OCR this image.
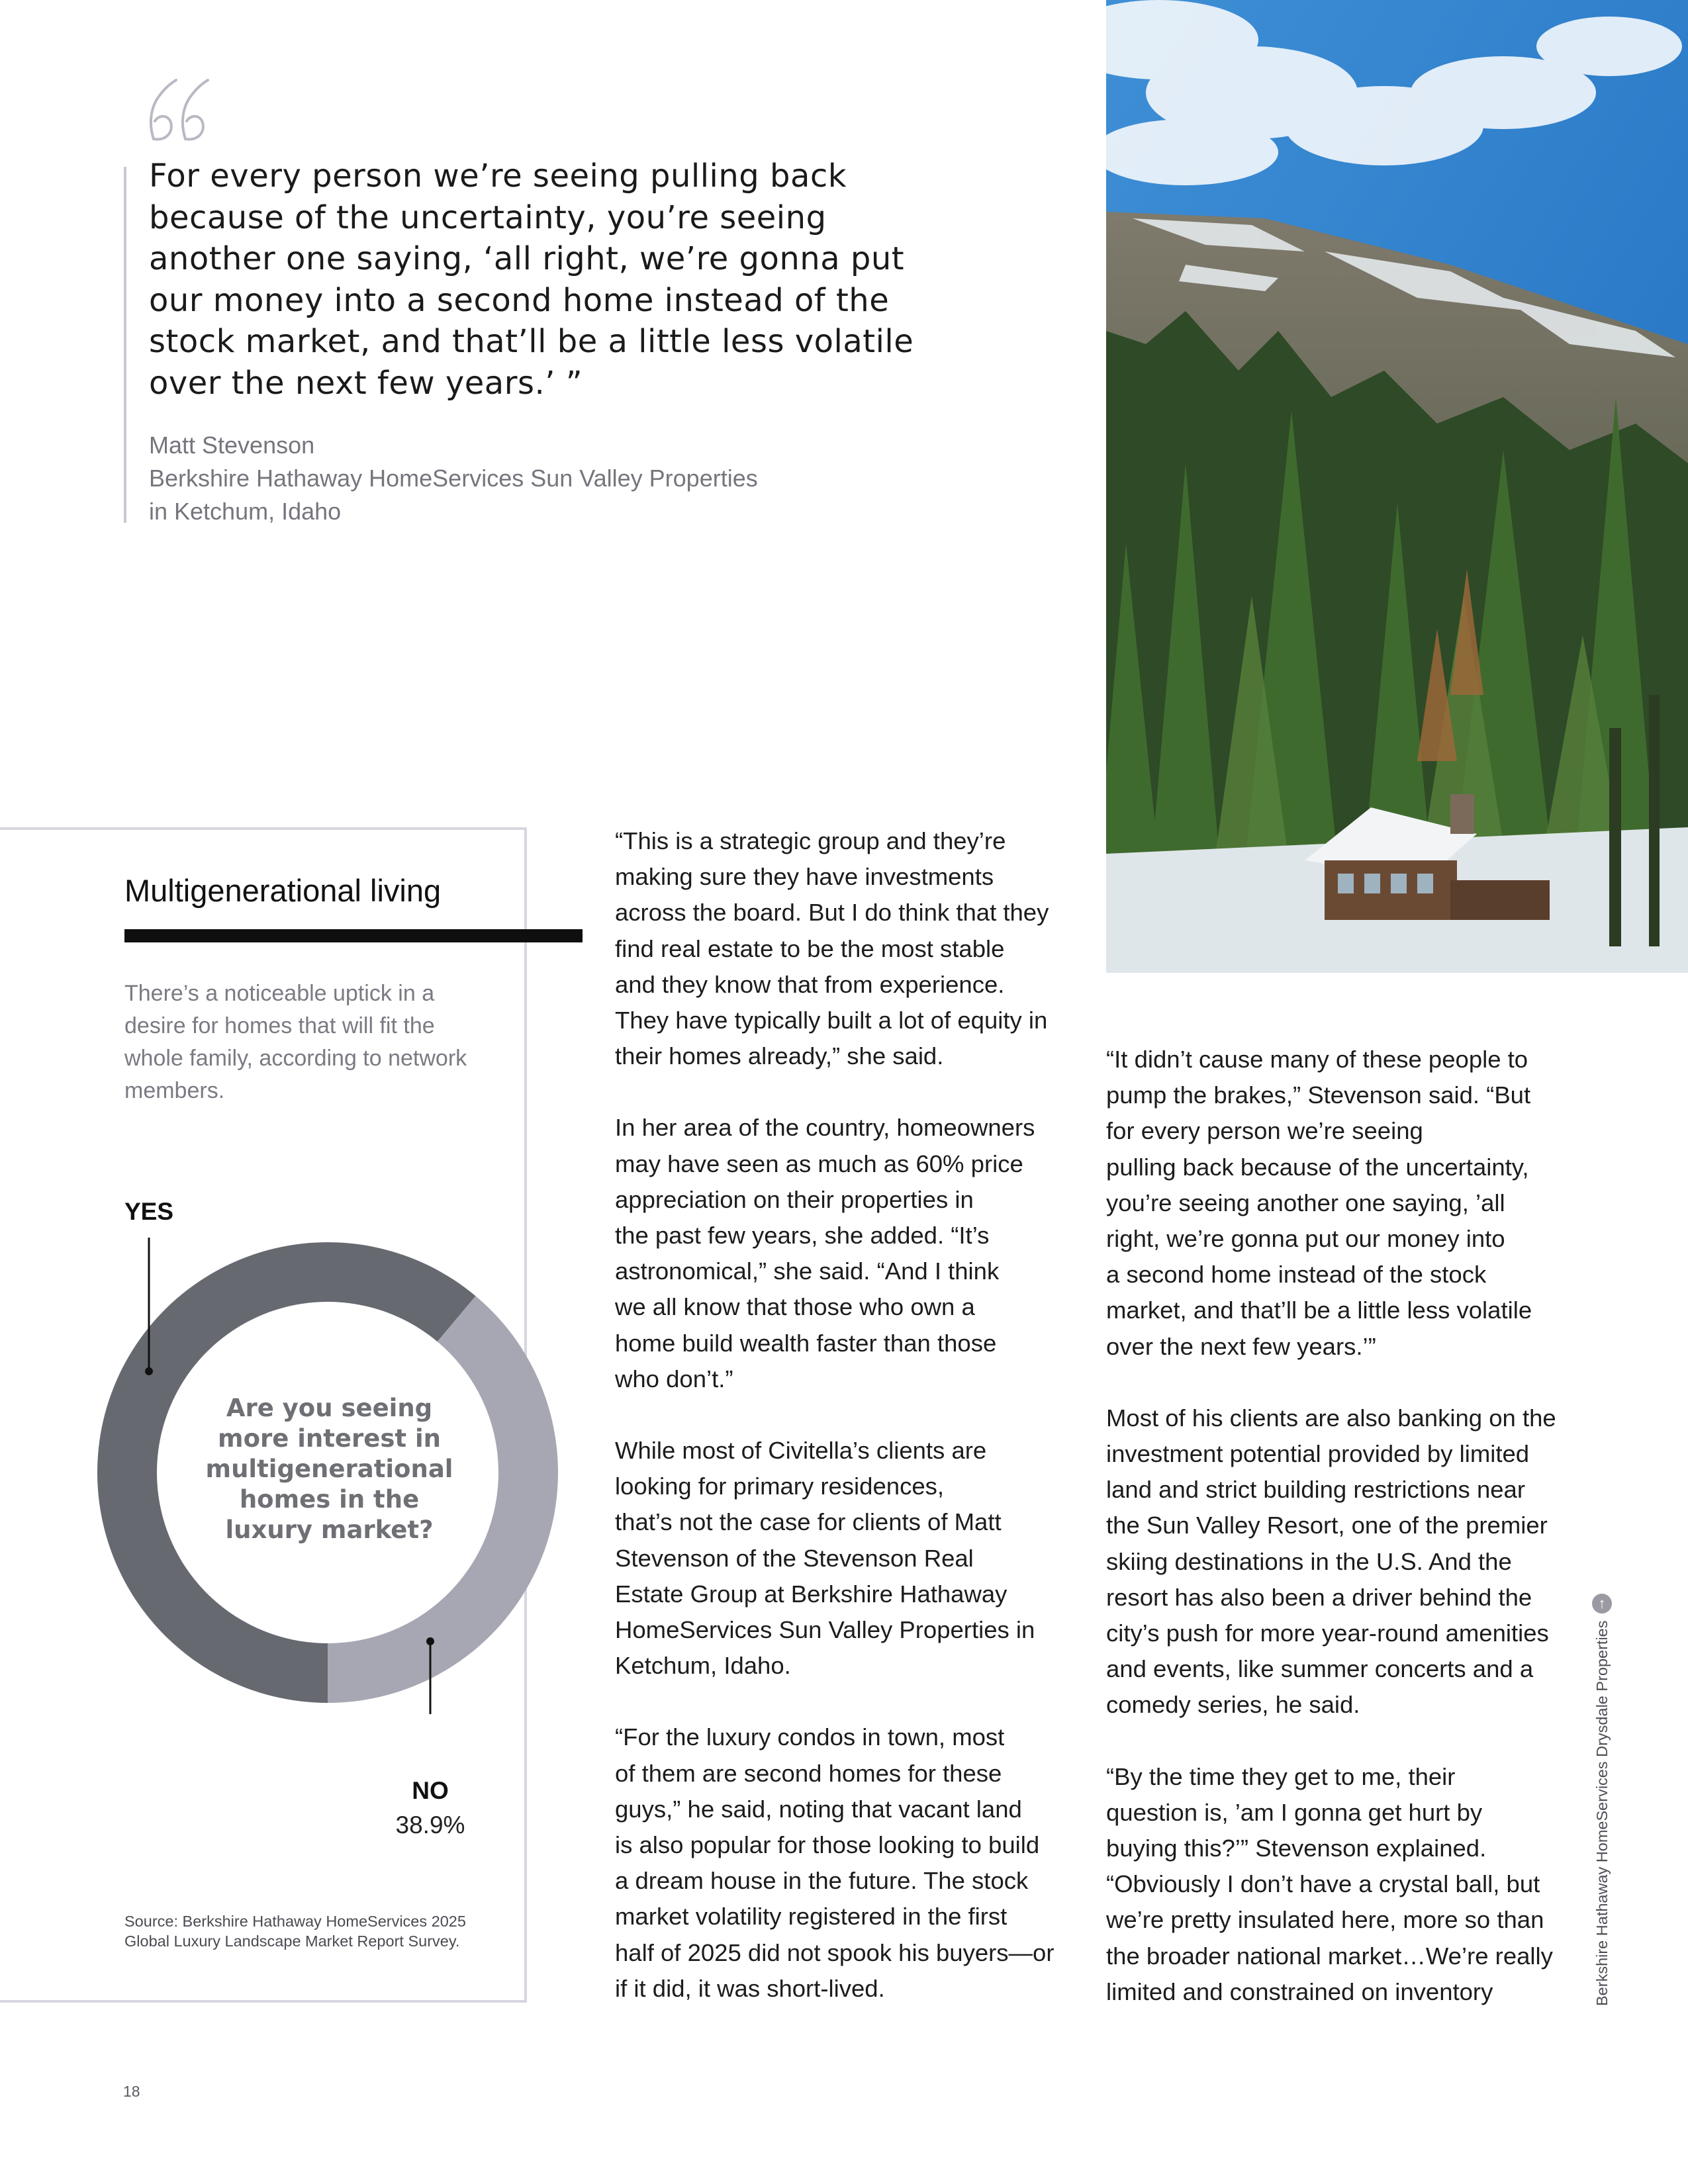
For every person we’re seeing pulling back
because of the uncertainty, you’re seeing
another one saying, ‘all right, we’re gonna put
our money into a second home instead of the
stock market, and that’ll be a little less volatile
over the next few years.’ ”
Matt Stevenson
Berkshire Hathaway HomeServices Sun Valley Properties
in Ketchum, Idaho
Multigenerational living

There’s a noticeable uptick in a desire for homes that will fit the whole family, according to network members.

YES

Are you seeing more interest in multigenerational homes in the luxury market?

NO
38.9%
Source: Berkshire Hathaway HomeServices 2025
Global Luxury Landscape Market Report Survey.

“This is a strategic group and they’re
making sure they have investments
across the board. But I do think that they
find real estate to be the most stable
and they know that from experience.
They have typically built a lot of equity in
their homes already,” she said.

In her area of the country, homeowners
may have seen as much as 60% price
appreciation on their properties in
the past few years, she added. “It’s
astronomical,” she said. “And I think
we all know that those who own a
home build wealth faster than those
who don’t.”

While most of Civitella’s clients are
looking for primary residences,
that’s not the case for clients of Matt
Stevenson of the Stevenson Real
Estate Group at Berkshire Hathaway
HomeServices Sun Valley Properties in
Ketchum, Idaho.

“For the luxury condos in town, most
of them are second homes for these
guys,” he said, noting that vacant land
is also popular for those looking to build
a dream house in the future. The stock
market volatility registered in the first
half of 2025 did not spook his buyers—or
if it did, it was short-lived.

“It didn’t cause many of these people to
pump the brakes,” Stevenson said. “But
for every person we’re seeing
pulling back because of the uncertainty,
you’re seeing another one saying, ’all
right, we’re gonna put our money into
a second home instead of the stock
market, and that’ll be a little less volatile
over the next few years.’”

Most of his clients are also banking on the
investment potential provided by limited
land and strict building restrictions near
the Sun Valley Resort, one of the premier
skiing destinations in the U.S. And the
resort has also been a driver behind the
city’s push for more year-round amenities
and events, like summer concerts and a
comedy series, he said.

“By the time they get to me, their
question is, ’am I gonna get hurt by
buying this?’” Stevenson explained.
“Obviously I don’t have a crystal ball, but
we’re pretty insulated here, more so than
the broader national market…We’re really
limited and constrained on inventory	Berkshire Hathaway HomeServices Drysdale Properties
↑
18
